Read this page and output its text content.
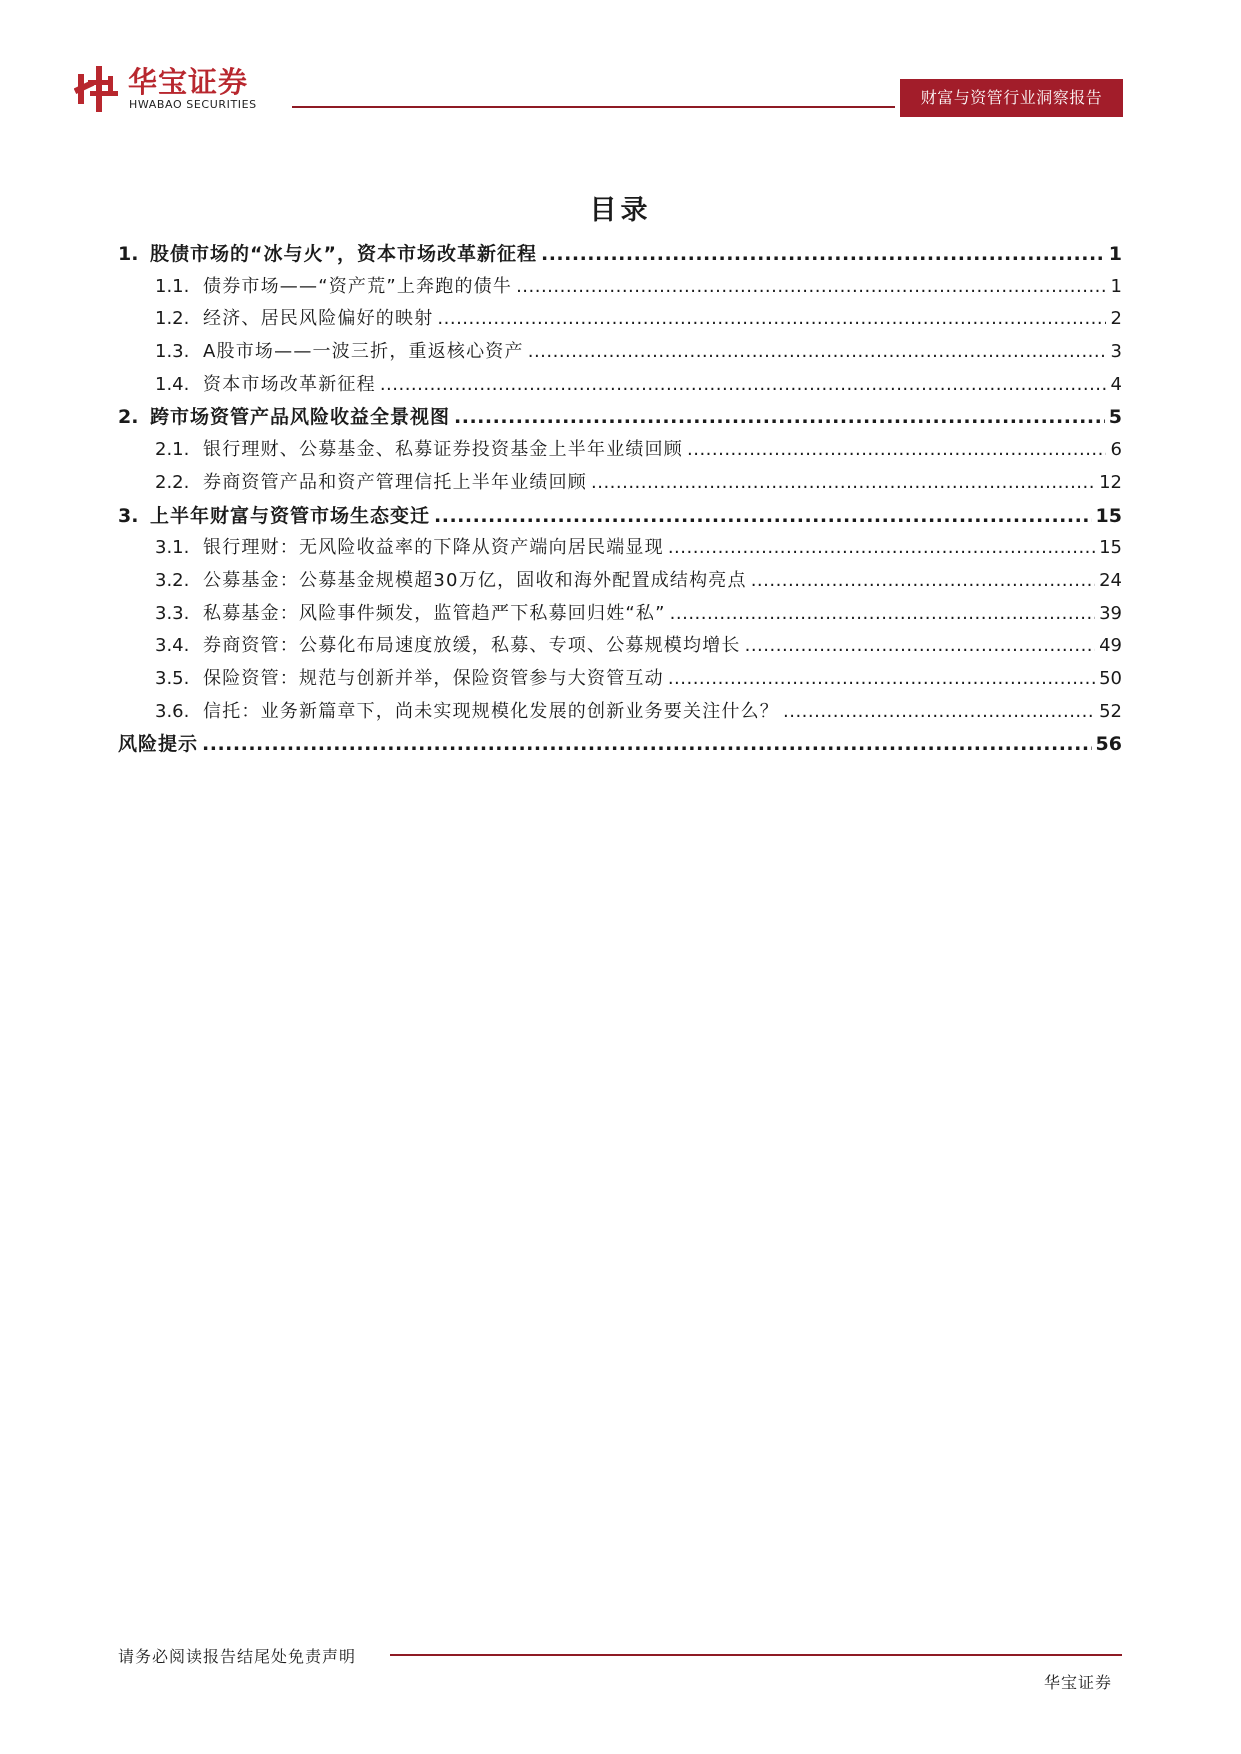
华宝证券
HWABAO SECURITIES	财富与资管行业洞察报告
目录
1. 股债市场的“冰与火”，资本市场改革新征程 .....	1
1.1. 债券市场——“资产荒”上奔跑的债牛 .....	1
1.2. 经济、居民风险偏好的映射 .....	2
1.3. A股市场——一波三折，重返核心资产 .....	3
1.4. 资本市场改革新征程 .....	4
2. 跨市场资管产品风险收益全景视图 .....	5
2.1. 银行理财、公募基金、私募证券投资基金上半年业绩回顾 .....	6
2.2. 券商资管产品和资产管理信托上半年业绩回顾 .....	12
3. 上半年财富与资管市场生态变迁 .....	15
3.1. 银行理财：无风险收益率的下降从资产端向居民端显现 .....	15
3.2. 公募基金：公募基金规模超30万亿，固收和海外配置成结构亮点 .....	24
3.3. 私募基金：风险事件频发，监管趋严下私募回归姓“私” .....	39
3.4. 券商资管：公募化布局速度放缓，私募、专项、公募规模均增长 .....	49
3.5. 保险资管：规范与创新并举，保险资管参与大资管互动 .....	50
3.6. 信托：业务新篇章下，尚未实现规模化发展的创新业务要关注什么？ .....	52
风险提示 .....	56
请务必阅读报告结尾处免责声明
华宝证券
